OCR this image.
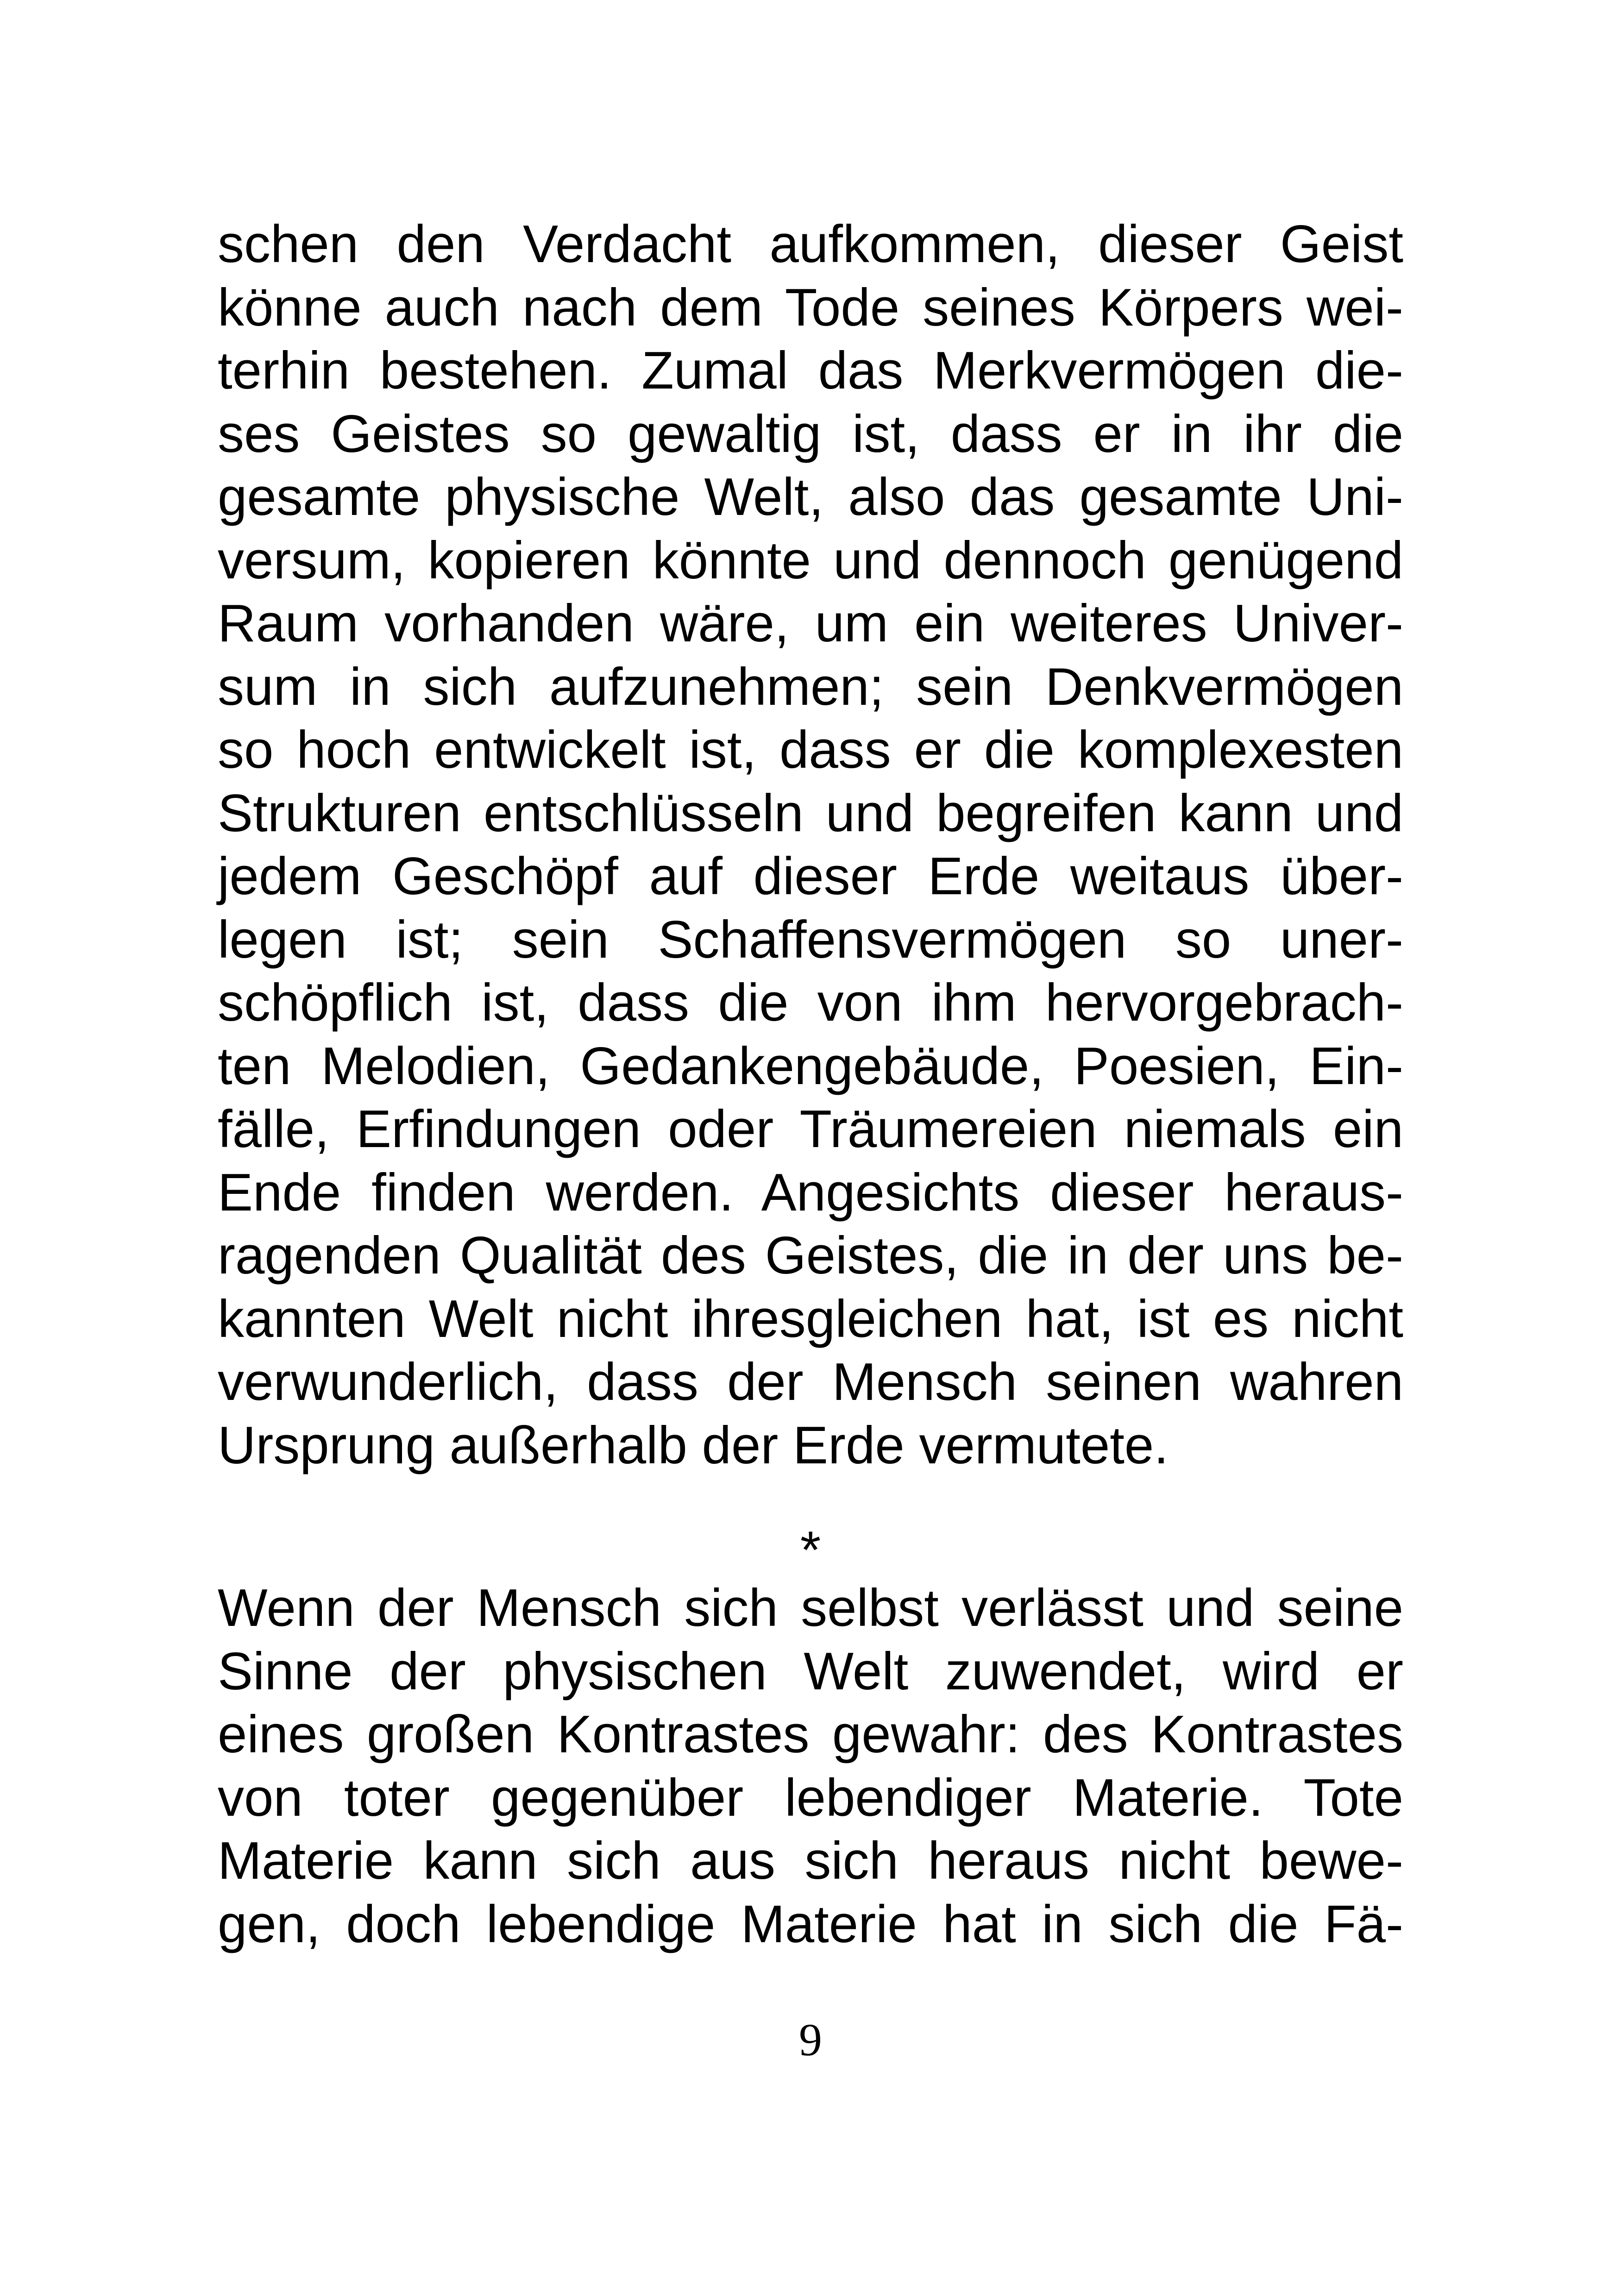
schen den Verdacht aufkommen, dieser Geist
könne auch nach dem Tode seines Körpers wei-
terhin bestehen. Zumal das Merkvermögen die-
ses Geistes so gewaltig ist, dass er in ihr die
gesamte physische Welt, also das gesamte Uni-
versum, kopieren könnte und dennoch genügend
Raum vorhanden wäre, um ein weiteres Univer-
sum in sich aufzunehmen; sein Denkvermögen
so hoch entwickelt ist, dass er die komplexesten
Strukturen entschlüsseln und begreifen kann und
jedem Geschöpf auf dieser Erde weitaus über-
legen ist; sein Schaffensvermögen so uner-
schöpflich ist, dass die von ihm hervorgebrach-
ten Melodien, Gedankengebäude, Poesien, Ein-
fälle, Erfindungen oder Träumereien niemals ein
Ende finden werden. Angesichts dieser heraus-
ragenden Qualität des Geistes, die in der uns be-
kannten Welt nicht ihresgleichen hat, ist es nicht
verwunderlich, dass der Mensch seinen wahren
Ursprung außerhalb der Erde vermutete.
*
Wenn der Mensch sich selbst verlässt und seine
Sinne der physischen Welt zuwendet, wird er
eines großen Kontrastes gewahr: des Kontrastes
von toter gegenüber lebendiger Materie. Tote
Materie kann sich aus sich heraus nicht bewe-
gen, doch lebendige Materie hat in sich die Fä-
9
